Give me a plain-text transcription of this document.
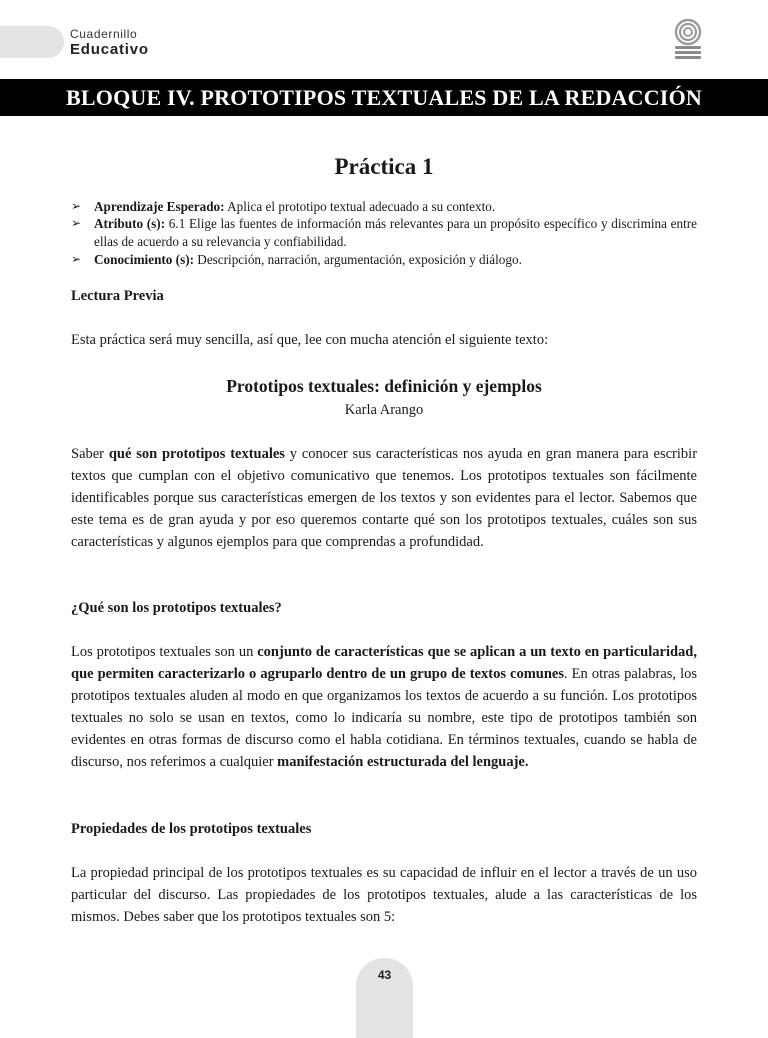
Cuadernillo
Educativo
BLOQUE IV. PROTOTIPOS TEXTUALES DE LA REDACCIÓN
Práctica 1
➢ Aprendizaje Esperado: Aplica el prototipo textual adecuado a su contexto.
➢ Atributo (s): 6.1 Elige las fuentes de información más relevantes para un propósito específico y discrimina entre ellas de acuerdo a su relevancia y confiabilidad.
➢ Conocimiento (s): Descripción, narración, argumentación, exposición y diálogo.
Lectura Previa
Esta práctica será muy sencilla, así que, lee con mucha atención el siguiente texto:
Prototipos textuales: definición y ejemplos
Karla Arango
Saber qué son prototipos textuales y conocer sus características nos ayuda en gran manera para escribir textos que cumplan con el objetivo comunicativo que tenemos. Los prototipos textuales son fácilmente identificables porque sus características emergen de los textos y son evidentes para el lector. Sabemos que este tema es de gran ayuda y por eso queremos contarte qué son los prototipos textuales, cuáles son sus características y algunos ejemplos para que comprendas a profundidad.
¿Qué son los prototipos textuales?
Los prototipos textuales son un conjunto de características que se aplican a un texto en particularidad, que permiten caracterizarlo o agruparlo dentro de un grupo de textos comunes. En otras palabras, los prototipos textuales aluden al modo en que organizamos los textos de acuerdo a su función. Los prototipos textuales no solo se usan en textos, como lo indicaría su nombre, este tipo de prototipos también son evidentes en otras formas de discurso como el habla cotidiana. En términos textuales, cuando se habla de discurso, nos referimos a cualquier manifestación estructurada del lenguaje.
Propiedades de los prototipos textuales
La propiedad principal de los prototipos textuales es su capacidad de influir en el lector a través de un uso particular del discurso. Las propiedades de los prototipos textuales, alude a las características de los mismos. Debes saber que los prototipos textuales son 5:
43
